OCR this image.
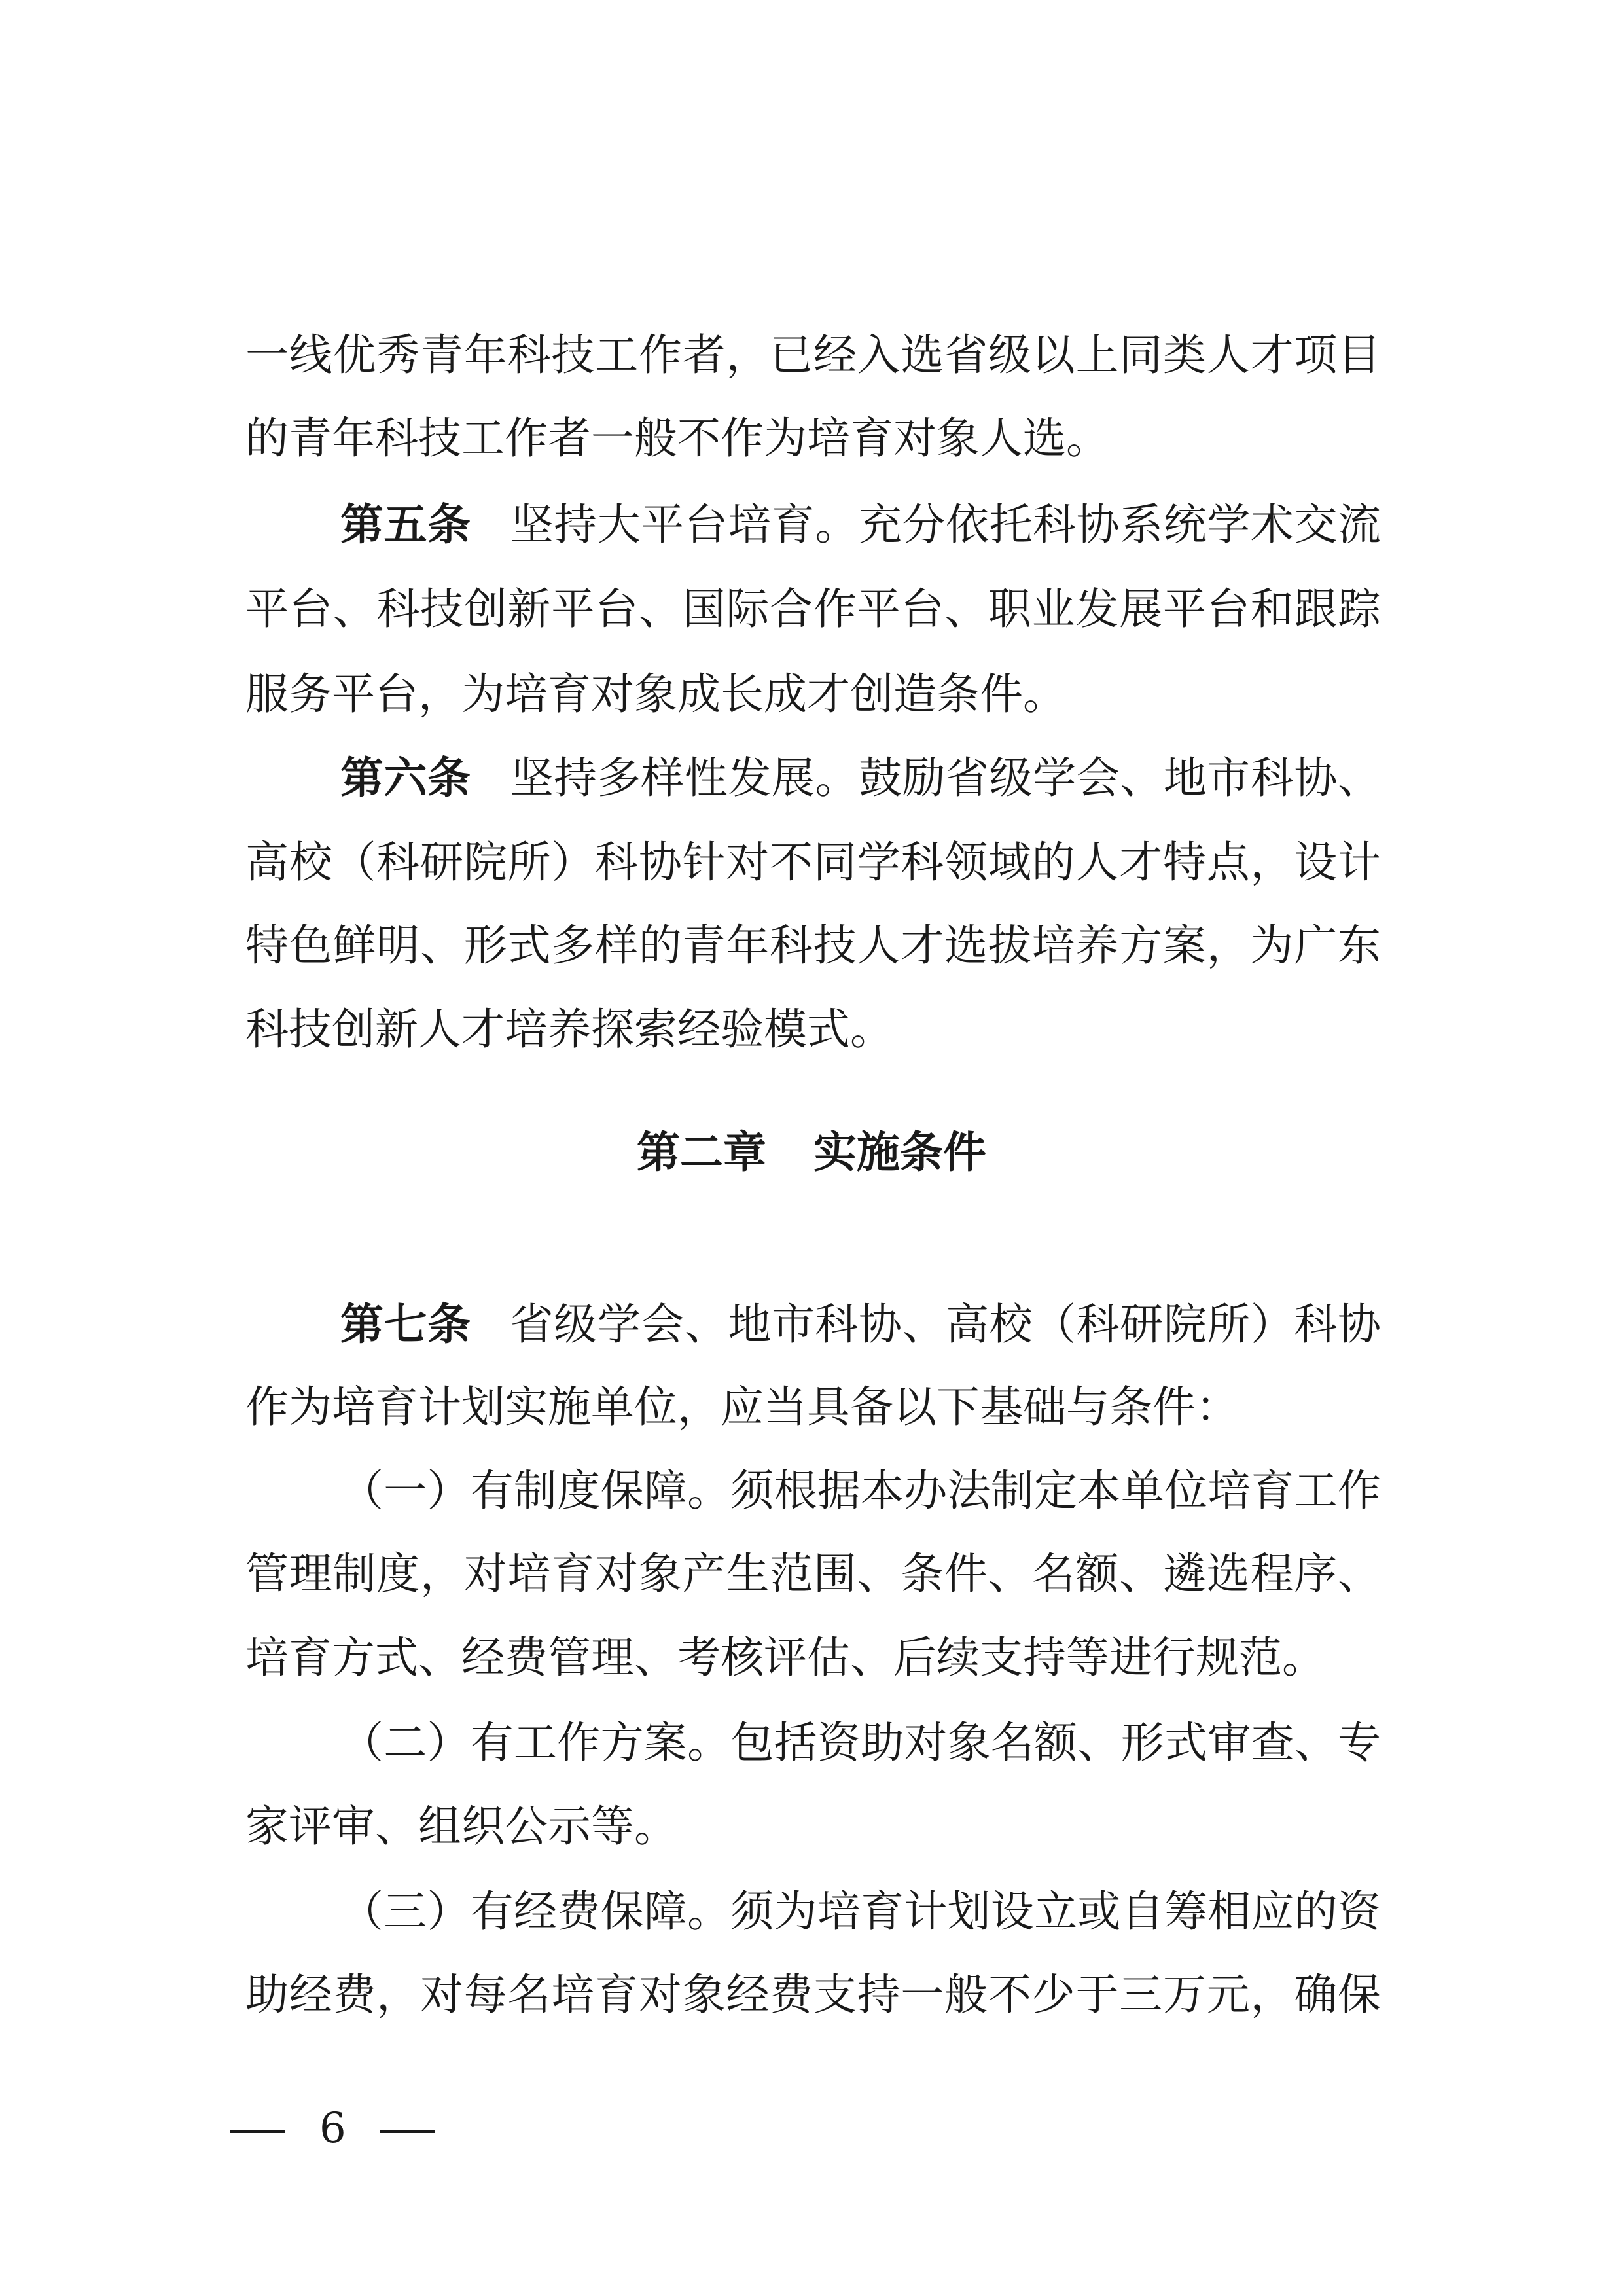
一线优秀青年科技工作者，已经入选省级以上同类人才项目
的青年科技工作者一般不作为培育对象人选。
第五条 坚持大平台培育。充分依托科协系统学术交流
平台、科技创新平台、国际合作平台、职业发展平台和跟踪
服务平台，为培育对象成长成才创造条件。
第六条 坚持多样性发展。鼓励省级学会、地市科协、
高校（科研院所）科协针对不同学科领域的人才特点，设计
特色鲜明、形式多样的青年科技人才选拔培养方案，为广东
科技创新人才培养探索经验模式。
第二章 实施条件
第七条 省级学会、地市科协、高校（科研院所）科协
作为培育计划实施单位，应当具备以下基础与条件：
（一）有制度保障。须根据本办法制定本单位培育工作
管理制度，对培育对象产生范围、条件、名额、遴选程序、
培育方式、经费管理、考核评估、后续支持等进行规范。
（二）有工作方案。包括资助对象名额、形式审查、专
家评审、组织公示等。
（三）有经费保障。须为培育计划设立或自筹相应的资
助经费，对每名培育对象经费支持一般不少于三万元，确保
6
